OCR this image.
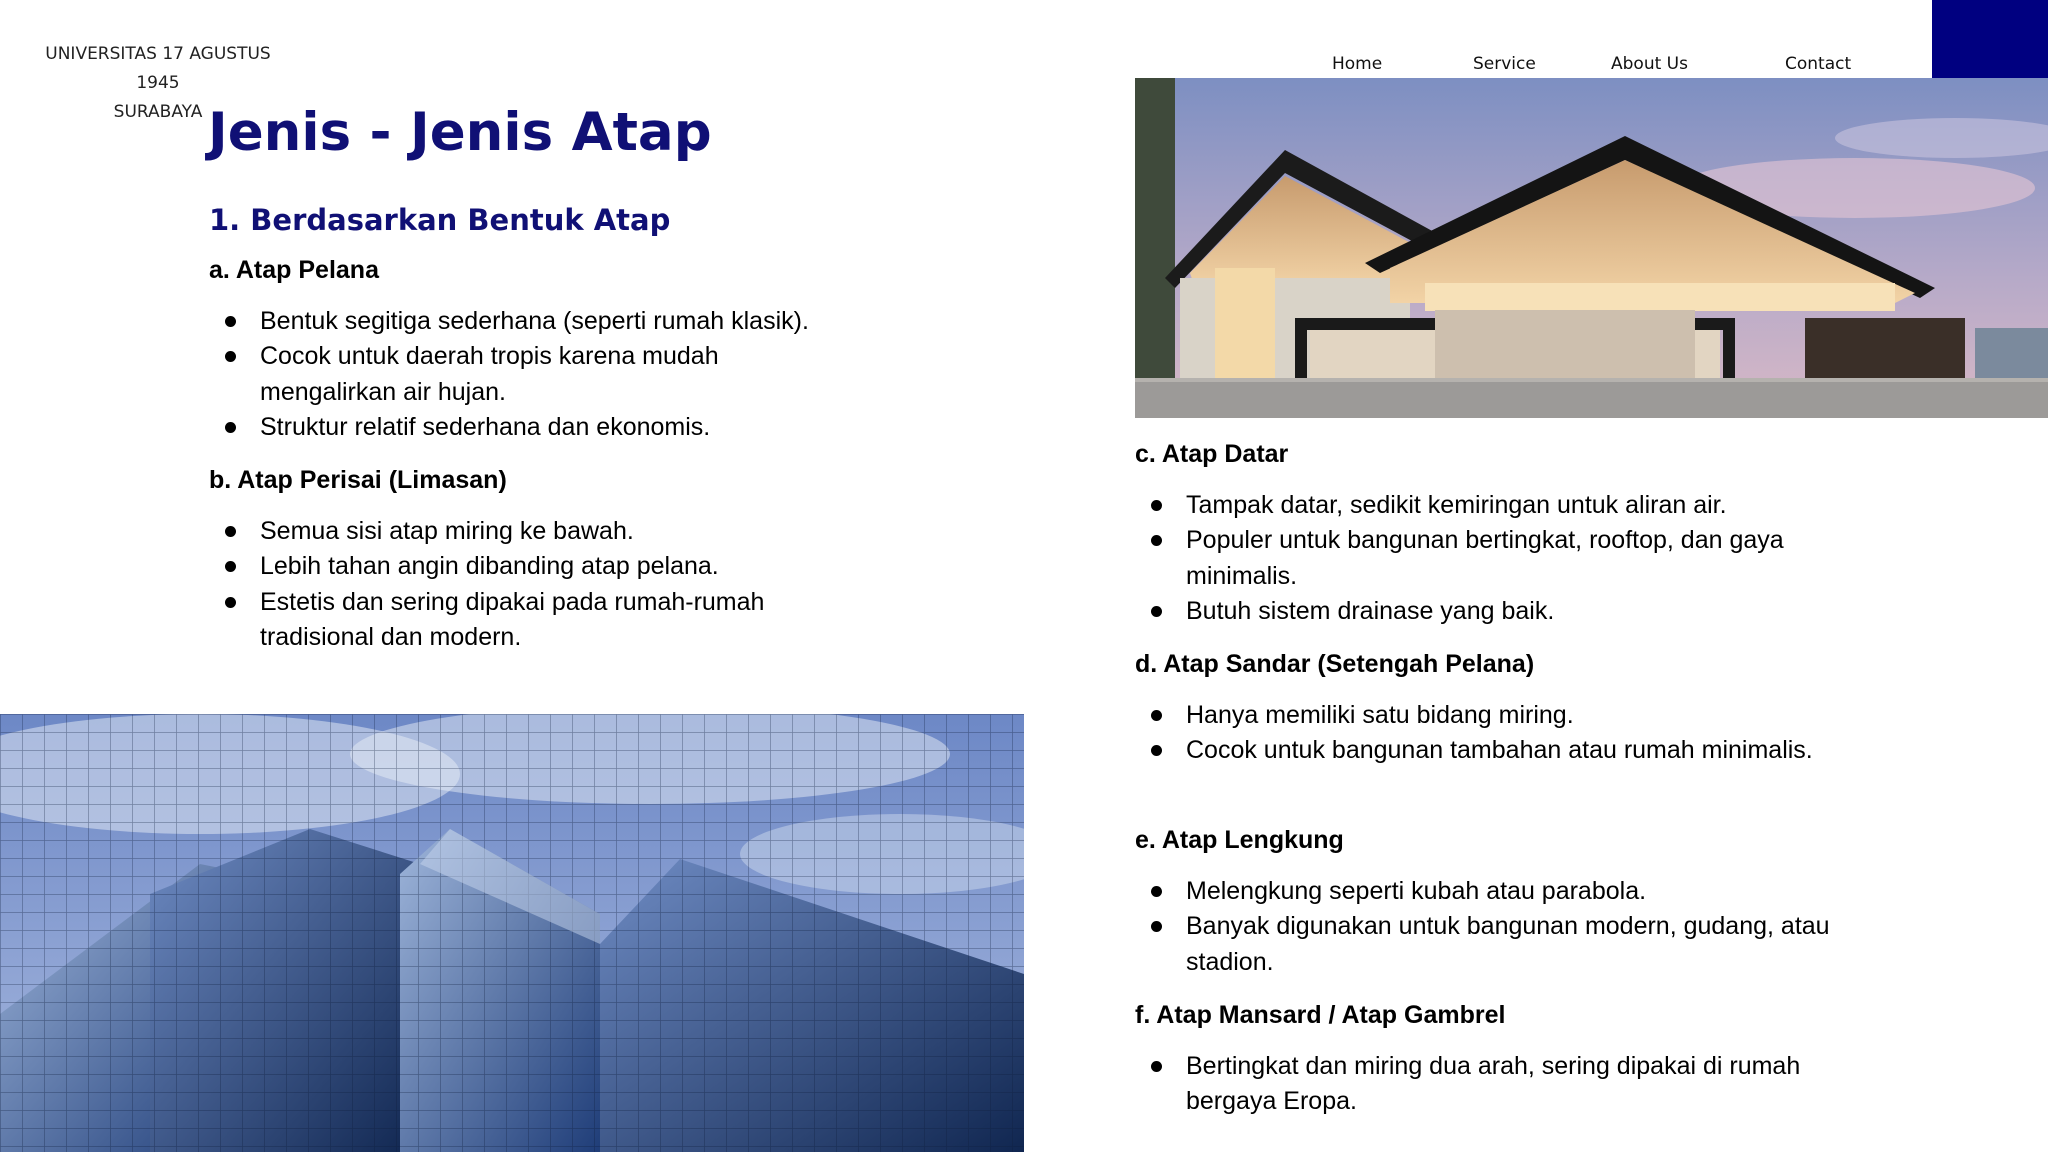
UNIVERSITAS 17 AGUSTUS 1945
SURABAYA
Home	Service	About Us	Contact
Jenis - Jenis Atap
1. Berdasarkan Bentuk Atap
a. Atap Pelana
Bentuk segitiga sederhana (seperti rumah klasik).
Cocok untuk daerah tropis karena mudah mengalirkan air hujan.
Struktur relatif sederhana dan ekonomis.
b. Atap Perisai (Limasan)
Semua sisi atap miring ke bawah.
Lebih tahan angin dibanding atap pelana.
Estetis dan sering dipakai pada rumah-rumah tradisional dan modern.
c. Atap Datar
Tampak datar, sedikit kemiringan untuk aliran air.
Populer untuk bangunan bertingkat, rooftop, dan gaya minimalis.
Butuh sistem drainase yang baik.
d. Atap Sandar (Setengah Pelana)
Hanya memiliki satu bidang miring.
Cocok untuk bangunan tambahan atau rumah minimalis.
e. Atap Lengkung
Melengkung seperti kubah atau parabola.
Banyak digunakan untuk bangunan modern, gudang, atau stadion.
f. Atap Mansard / Atap Gambrel
Bertingkat dan miring dua arah, sering dipakai di rumah bergaya Eropa.
